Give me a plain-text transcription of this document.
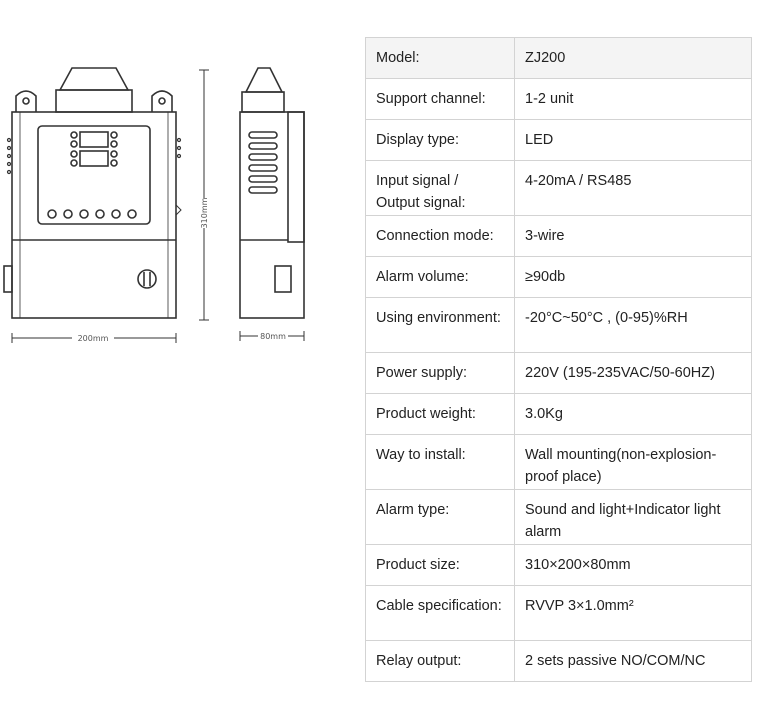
200mm	80mm
310mm
Model:	ZJ200
Support channel:	1-2 unit
Display type:	LED
Input signal / Output signal:	4-20mA / RS485
Connection mode:	3-wire
Alarm volume:	≥90db
Using environment:	-20°C~50°C , (0-95)%RH
Power supply:	220V (195-235VAC/50-60HZ)
Product weight:	3.0Kg
Way to install:	Wall mounting(non-explosion-proof place)
Alarm type:	Sound and light+Indicator light alarm
Product size:	310×200×80mm
Cable specification:	RVVP 3×1.0mm²
Relay output:	2 sets passive NO/COM/NC
